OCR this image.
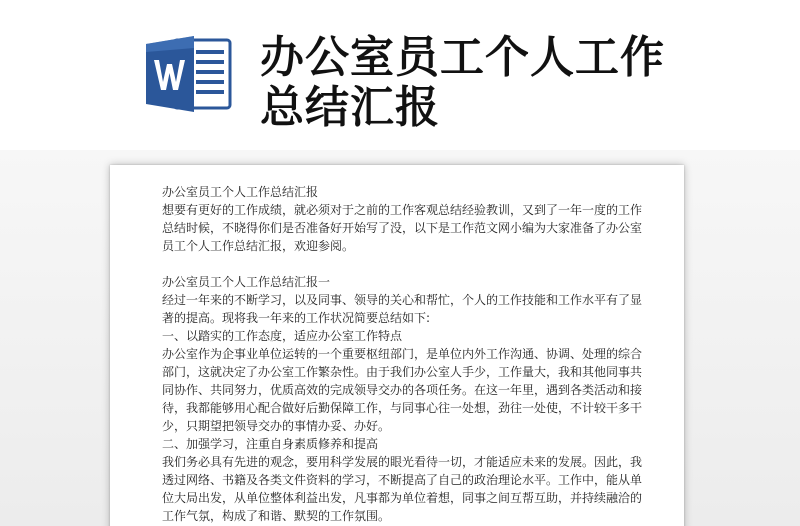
办公室员工个人工作总结汇报

办公室员工个人工作总结汇报

想要有更好的工作成绩，就必须对于之前的工作客观总结经验教训，又到了一年一度的工作总结时候，不晓得你们是否准备好开始写了没，以下是工作范文网小编为大家准备了办公室员工个人工作总结汇报，欢迎参阅。

办公室员工个人工作总结汇报一

经过一年来的不断学习，以及同事、领导的关心和帮忙，个人的工作技能和工作水平有了显著的提高。现将我一年来的工作状况简要总结如下:

一、以踏实的工作态度，适应办公室工作特点

办公室作为企事业单位运转的一个重要枢纽部门，是单位内外工作沟通、协调、处理的综合部门，这就决定了办公室工作繁杂性。由于我们办公室人手少，工作量大，我和其他同事共同协作、共同努力，优质高效的完成领导交办的各项任务。在这一年里，遇到各类活动和接待，我都能够用心配合做好后勤保障工作，与同事心往一处想，劲往一处使，不计较干多干少，只期望把领导交办的事情办妥、办好。

二、加强学习，注重自身素质修养和提高

我们务必具有先进的观念，要用科学发展的眼光看待一切，才能适应未来的发展。因此，我透过网络、书籍及各类文件资料的学习，不断提高了自己的政治理论水平。工作中，能从单位大局出发，从单位整体利益出发，凡事都为单位着想，同事之间互帮互助，并持续融洽的工作气氛，构成了和谐、默契的工作氛围。
